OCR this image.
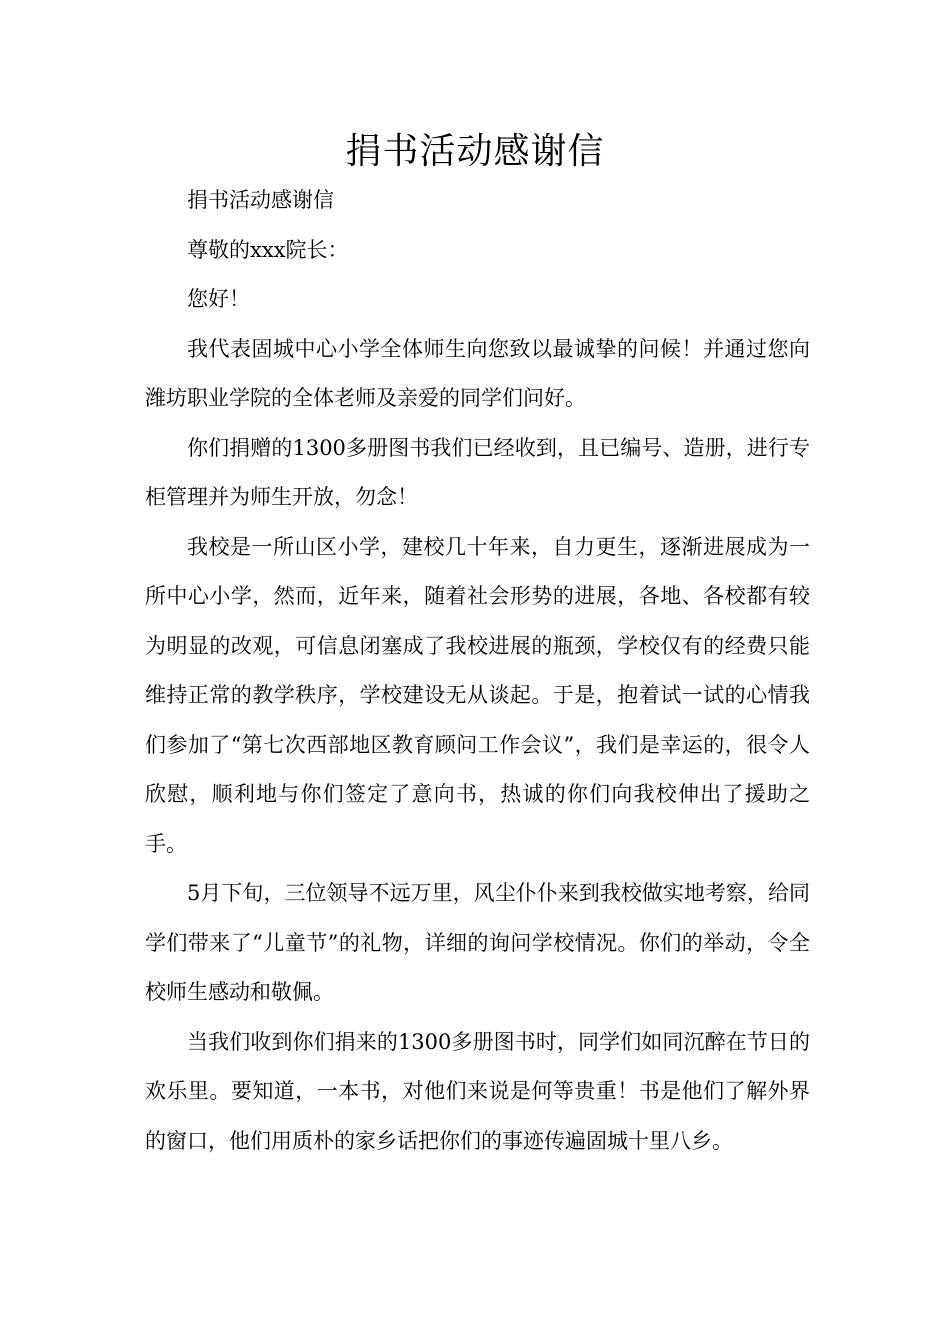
捐书活动感谢信

捐书活动感谢信

尊敬的xxx院长：

您好！

我代表固城中心小学全体师生向您致以最诚挚的问候！并通过您向潍坊职业学院的全体老师及亲爱的同学们问好。

你们捐赠的1300多册图书我们已经收到，且已编号、造册，进行专柜管理并为师生开放，勿念！

我校是一所山区小学，建校几十年来，自力更生，逐渐进展成为一所中心小学，然而，近年来，随着社会形势的进展，各地、各校都有较为明显的改观，可信息闭塞成了我校进展的瓶颈，学校仅有的经费只能维持正常的教学秩序，学校建设无从谈起。于是，抱着试一试的心情我们参加了“第七次西部地区教育顾问工作会议”，我们是幸运的，很令人欣慰，顺利地与你们签定了意向书，热诚的你们向我校伸出了援助之手。

5月下旬，三位领导不远万里，风尘仆仆来到我校做实地考察，给同学们带来了“儿童节”的礼物，详细的询问学校情况。你们的举动，令全校师生感动和敬佩。

当我们收到你们捐来的1300多册图书时，同学们如同沉醉在节日的欢乐里。要知道，一本书，对他们来说是何等贵重！书是他们了解外界的窗口，他们用质朴的家乡话把你们的事迹传遍固城十里八乡。
